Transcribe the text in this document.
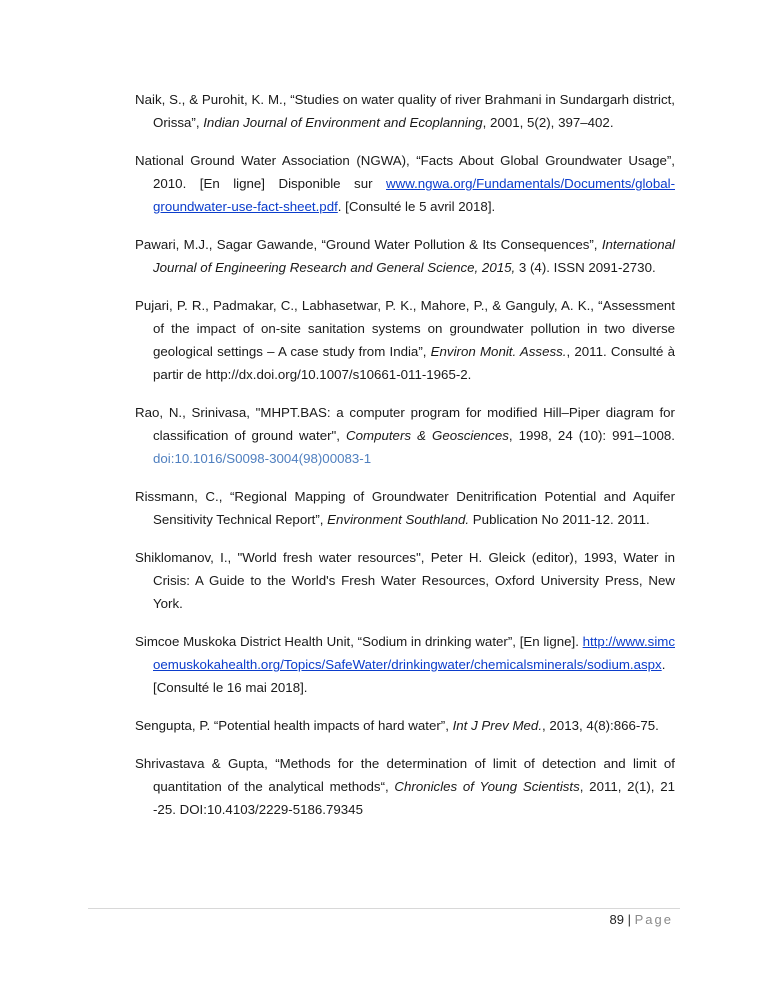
Naik, S., & Purohit, K. M., “Studies on water quality of river Brahmani in Sundargarh district, Orissa”, Indian Journal of Environment and Ecoplanning, 2001, 5(2), 397–402.

National Ground Water Association (NGWA), “Facts About Global Groundwater Usage”, 2010. [En ligne] Disponible sur www.ngwa.org/Fundamentals/Documents/global-groundwater-use-fact-sheet.pdf. [Consulté le 5 avril 2018].

Pawari, M.J., Sagar Gawande, “Ground Water Pollution & Its Consequences”, International Journal of Engineering Research and General Science, 2015, 3 (4). ISSN 2091-2730.

Pujari, P. R., Padmakar, C., Labhasetwar, P. K., Mahore, P., & Ganguly, A. K., “Assessment of the impact of on-site sanitation systems on groundwater pollution in two diverse geological settings – A case study from India”, Environ Monit. Assess., 2011. Consulté à partir de http://dx.doi.org/10.1007/s10661-011-1965-2.

Rao, N., Srinivasa, "MHPT.BAS: a computer program for modified Hill–Piper diagram for classification of ground water", Computers & Geosciences, 1998, 24 (10): 991–1008. doi:10.1016/S0098-3004(98)00083-1

Rissmann, C., “Regional Mapping of Groundwater Denitrification Potential and Aquifer Sensitivity Technical Report”, Environment Southland. Publication No 2011-12. 2011.

Shiklomanov, I., "World fresh water resources", Peter H. Gleick (editor), 1993, Water in Crisis: A Guide to the World's Fresh Water Resources, Oxford University Press, New York.

Simcoe Muskoka District Health Unit, “Sodium in drinking water”, [En ligne]. http://www.simcoemuskokahealth.org/Topics/SafeWater/drinkingwater/chemicalsminerals/sodium.aspx. [Consulté le 16 mai 2018].

Sengupta, P. “Potential health impacts of hard water”, Int J Prev Med., 2013, 4(8):866-75.

Shrivastava & Gupta, “Methods for the determination of limit of detection and limit of quantitation of the analytical methods“, Chronicles of Young Scientists, 2011, 2(1), 21 -25. DOI:10.4103/2229-5186.79345

89 | Page
